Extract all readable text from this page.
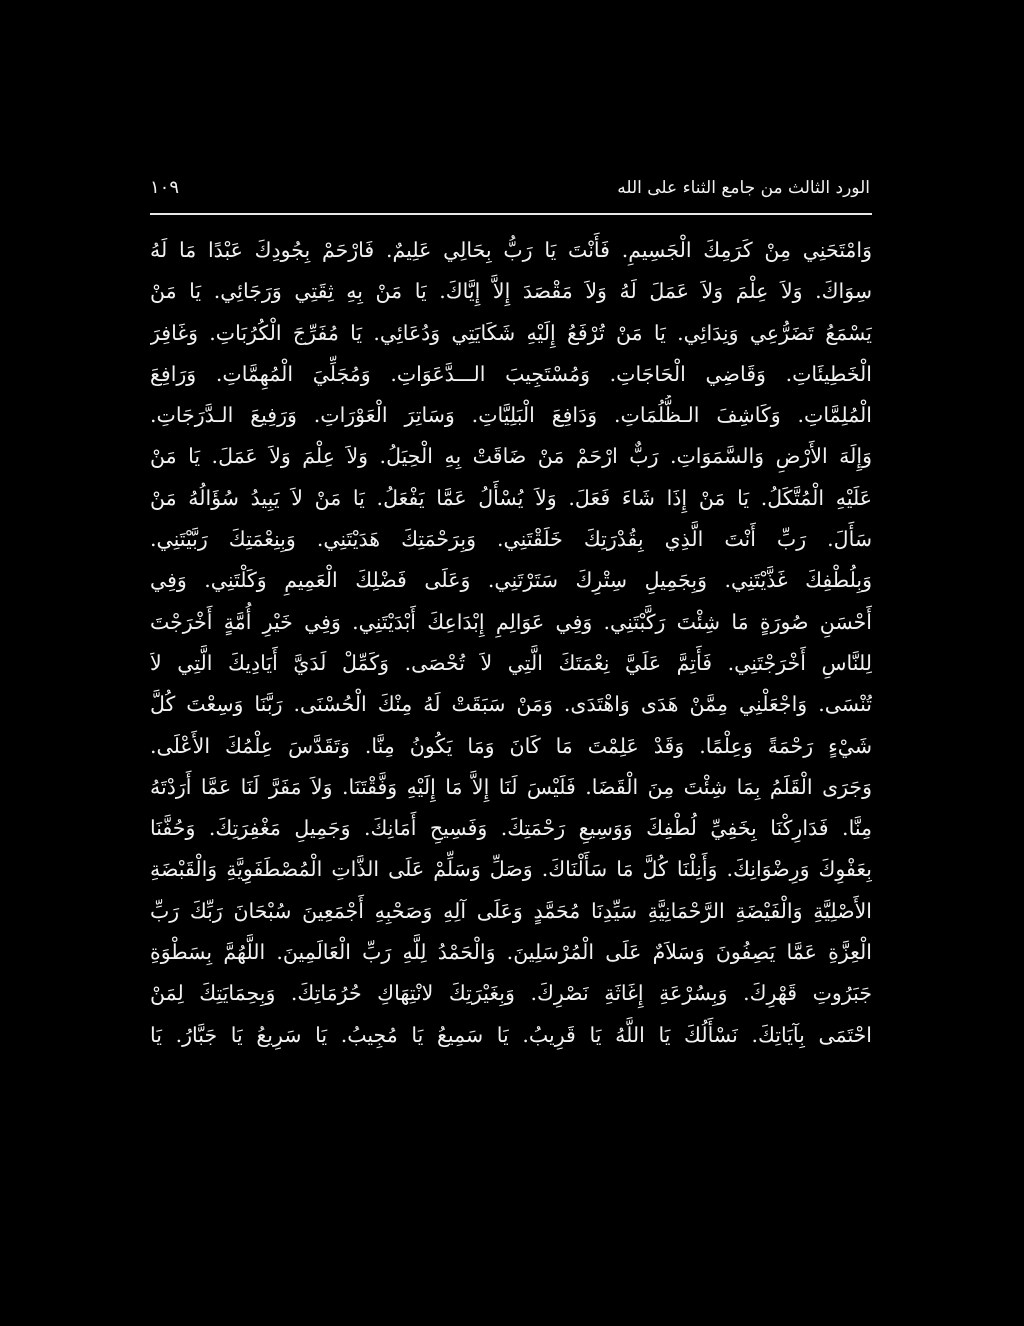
الورد الثالث من جامع الثناء على الله
١٠٩
وَامْتَحَنِي مِنْ كَرَمِكَ الْجَسِيمِ. فَأَنْتَ يَا رَبُّ بِحَالِي عَلِيمٌ. فَارْحَمْ بِجُودِكَ عَبْدًا مَا لَهُ
سِوَاكَ. وَلاَ عِلْمَ وَلاَ عَمَلَ لَهُ وَلاَ مَقْصَدَ إِلاَّ إِيَّاكَ. يَا مَنْ بِهِ ثِقَتِي وَرَجَائِي. يَا مَنْ
يَسْمَعُ تَضَرُّعِي وَنِدَائِي. يَا مَنْ تُرْفَعُ إِلَيْهِ شَكَايَتِي وَدُعَائِي. يَا مُفَرِّجَ الْكُرُبَاتِ. وَغَافِرَ
الْخَطِيئَاتِ. وَقَاضِي الْحَاجَاتِ. وَمُسْتَجِيبَ الـــدَّعَوَاتِ. وَمُجَلِّيَ الْمُهِمَّاتِ. وَرَافِعَ
الْمُلِمَّاتِ. وَكَاشِفَ الـظُّلُمَاتِ. وَدَافِعَ الْبَلِيَّاتِ. وَسَاتِرَ الْعَوْرَاتِ. وَرَفِيعَ الـدَّرَجَاتِ.
وَإِلَهَ الأَرْضِ وَالسَّمَوَاتِ. رَبٌّ ارْحَمْ مَنْ ضَاقَتْ بِهِ الْحِيَلُ. وَلاَ عِلْمَ وَلاَ عَمَلَ. يَا مَنْ
عَلَيْهِ الْمُتَّكَلُ. يَا مَنْ إِذَا شَاءَ فَعَلَ. وَلاَ يُسْأَلُ عَمَّا يَفْعَلُ. يَا مَنْ لاَ يَبِيدُ سُؤَالُهُ مَنْ
سَأَلَ. رَبِّ أَنْتَ الَّذِي بِقُدْرَتِكَ خَلَقْتَنِي. وَبِرَحْمَتِكَ هَدَيْتَنِي. وَبِنِعْمَتِكَ رَبَّيْتَنِي.
وَبِلُطْفِكَ غَذَّيْتَنِي. وَبِجَمِيلِ سِتْرِكَ سَتَرْتَنِي. وَعَلَى فَضْلِكَ الْعَمِيمِ وَكَلْتَنِي. وَفِي
أَحْسَنِ صُورَةٍ مَا شِئْتَ رَكَّبْتَنِي. وَفِي عَوَالِمِ إِبْدَاعِكَ أَبْدَيْتَنِي. وَفِي خَيْرِ أُمَّةٍ أَخْرَجْتَ
لِلنَّاسِ أَخْرَجْتَنِي. فَأَتِمَّ عَلَيَّ نِعْمَتَكَ الَّتِي لاَ تُحْصَى. وَكَمِّلْ لَدَيَّ أَيَادِيكَ الَّتِي لاَ
تُنْسَى. وَاجْعَلْنِي مِمَّنْ هَدَى وَاهْتَدَى. وَمَنْ سَبَقَتْ لَهُ مِنْكَ الْحُسْنَى. رَبَّنَا وَسِعْتَ كُلَّ
شَيْءٍ رَحْمَةً وَعِلْمًا. وَقَدْ عَلِمْتَ مَا كَانَ وَمَا يَكُونُ مِنَّا. وَتَقَدَّسَ عِلْمُكَ الأَعْلَى.
وَجَرَى الْقَلَمُ بِمَا شِئْتَ مِنَ الْقَضَا. فَلَيْسَ لَنَا إِلاَّ مَا إِلَيْهِ وَفَّقْتَنَا. وَلاَ مَفَرَّ لَنَا عَمَّا أَرَدْتَهُ
مِنَّا. فَدَارِكْنَا بِخَفِيِّ لُطْفِكَ وَوَسِيعِ رَحْمَتِكَ. وَفَسِيحِ أَمَانِكَ. وَجَمِيلِ مَغْفِرَتِكَ. وَحُفَّنَا
بِعَفْوِكَ وَرِضْوَانِكَ. وَأَنِلْنَا كُلَّ مَا سَأَلْنَاكَ. وَصَلِّ وَسَلِّمْ عَلَى الذَّاتِ الْمُصْطَفَوِيَّةِ وَالْقَبْضَةِ
الأَصْلِيَّةِ وَالْفَيْضَةِ الرَّحْمَانِيَّةِ سَيِّدِنَا مُحَمَّدٍ وَعَلَى آلِهِ وَصَحْبِهِ أَجْمَعِينَ سُبْحَانَ رَبِّكَ رَبِّ
الْعِزَّةِ عَمَّا يَصِفُونَ وَسَلاَمٌ عَلَى الْمُرْسَلِينَ. وَالْحَمْدُ لِلَّهِ رَبِّ الْعَالَمِينَ. اللَّهُمَّ بِسَطْوَةِ
جَبَرُوتِ قَهْرِكَ. وَبِسُرْعَةِ إِغَاثَةِ نَصْرِكَ. وَبِغَيْرَتِكَ لانْتِهَاكِ حُرُمَاتِكَ. وَبِحِمَايَتِكَ لِمَنْ
احْتَمَى بِآيَاتِكَ. نَسْأَلُكَ يَا اللَّهُ يَا قَرِيبُ. يَا سَمِيعُ يَا مُجِيبُ. يَا سَرِيعُ يَا جَبَّارُ. يَا
